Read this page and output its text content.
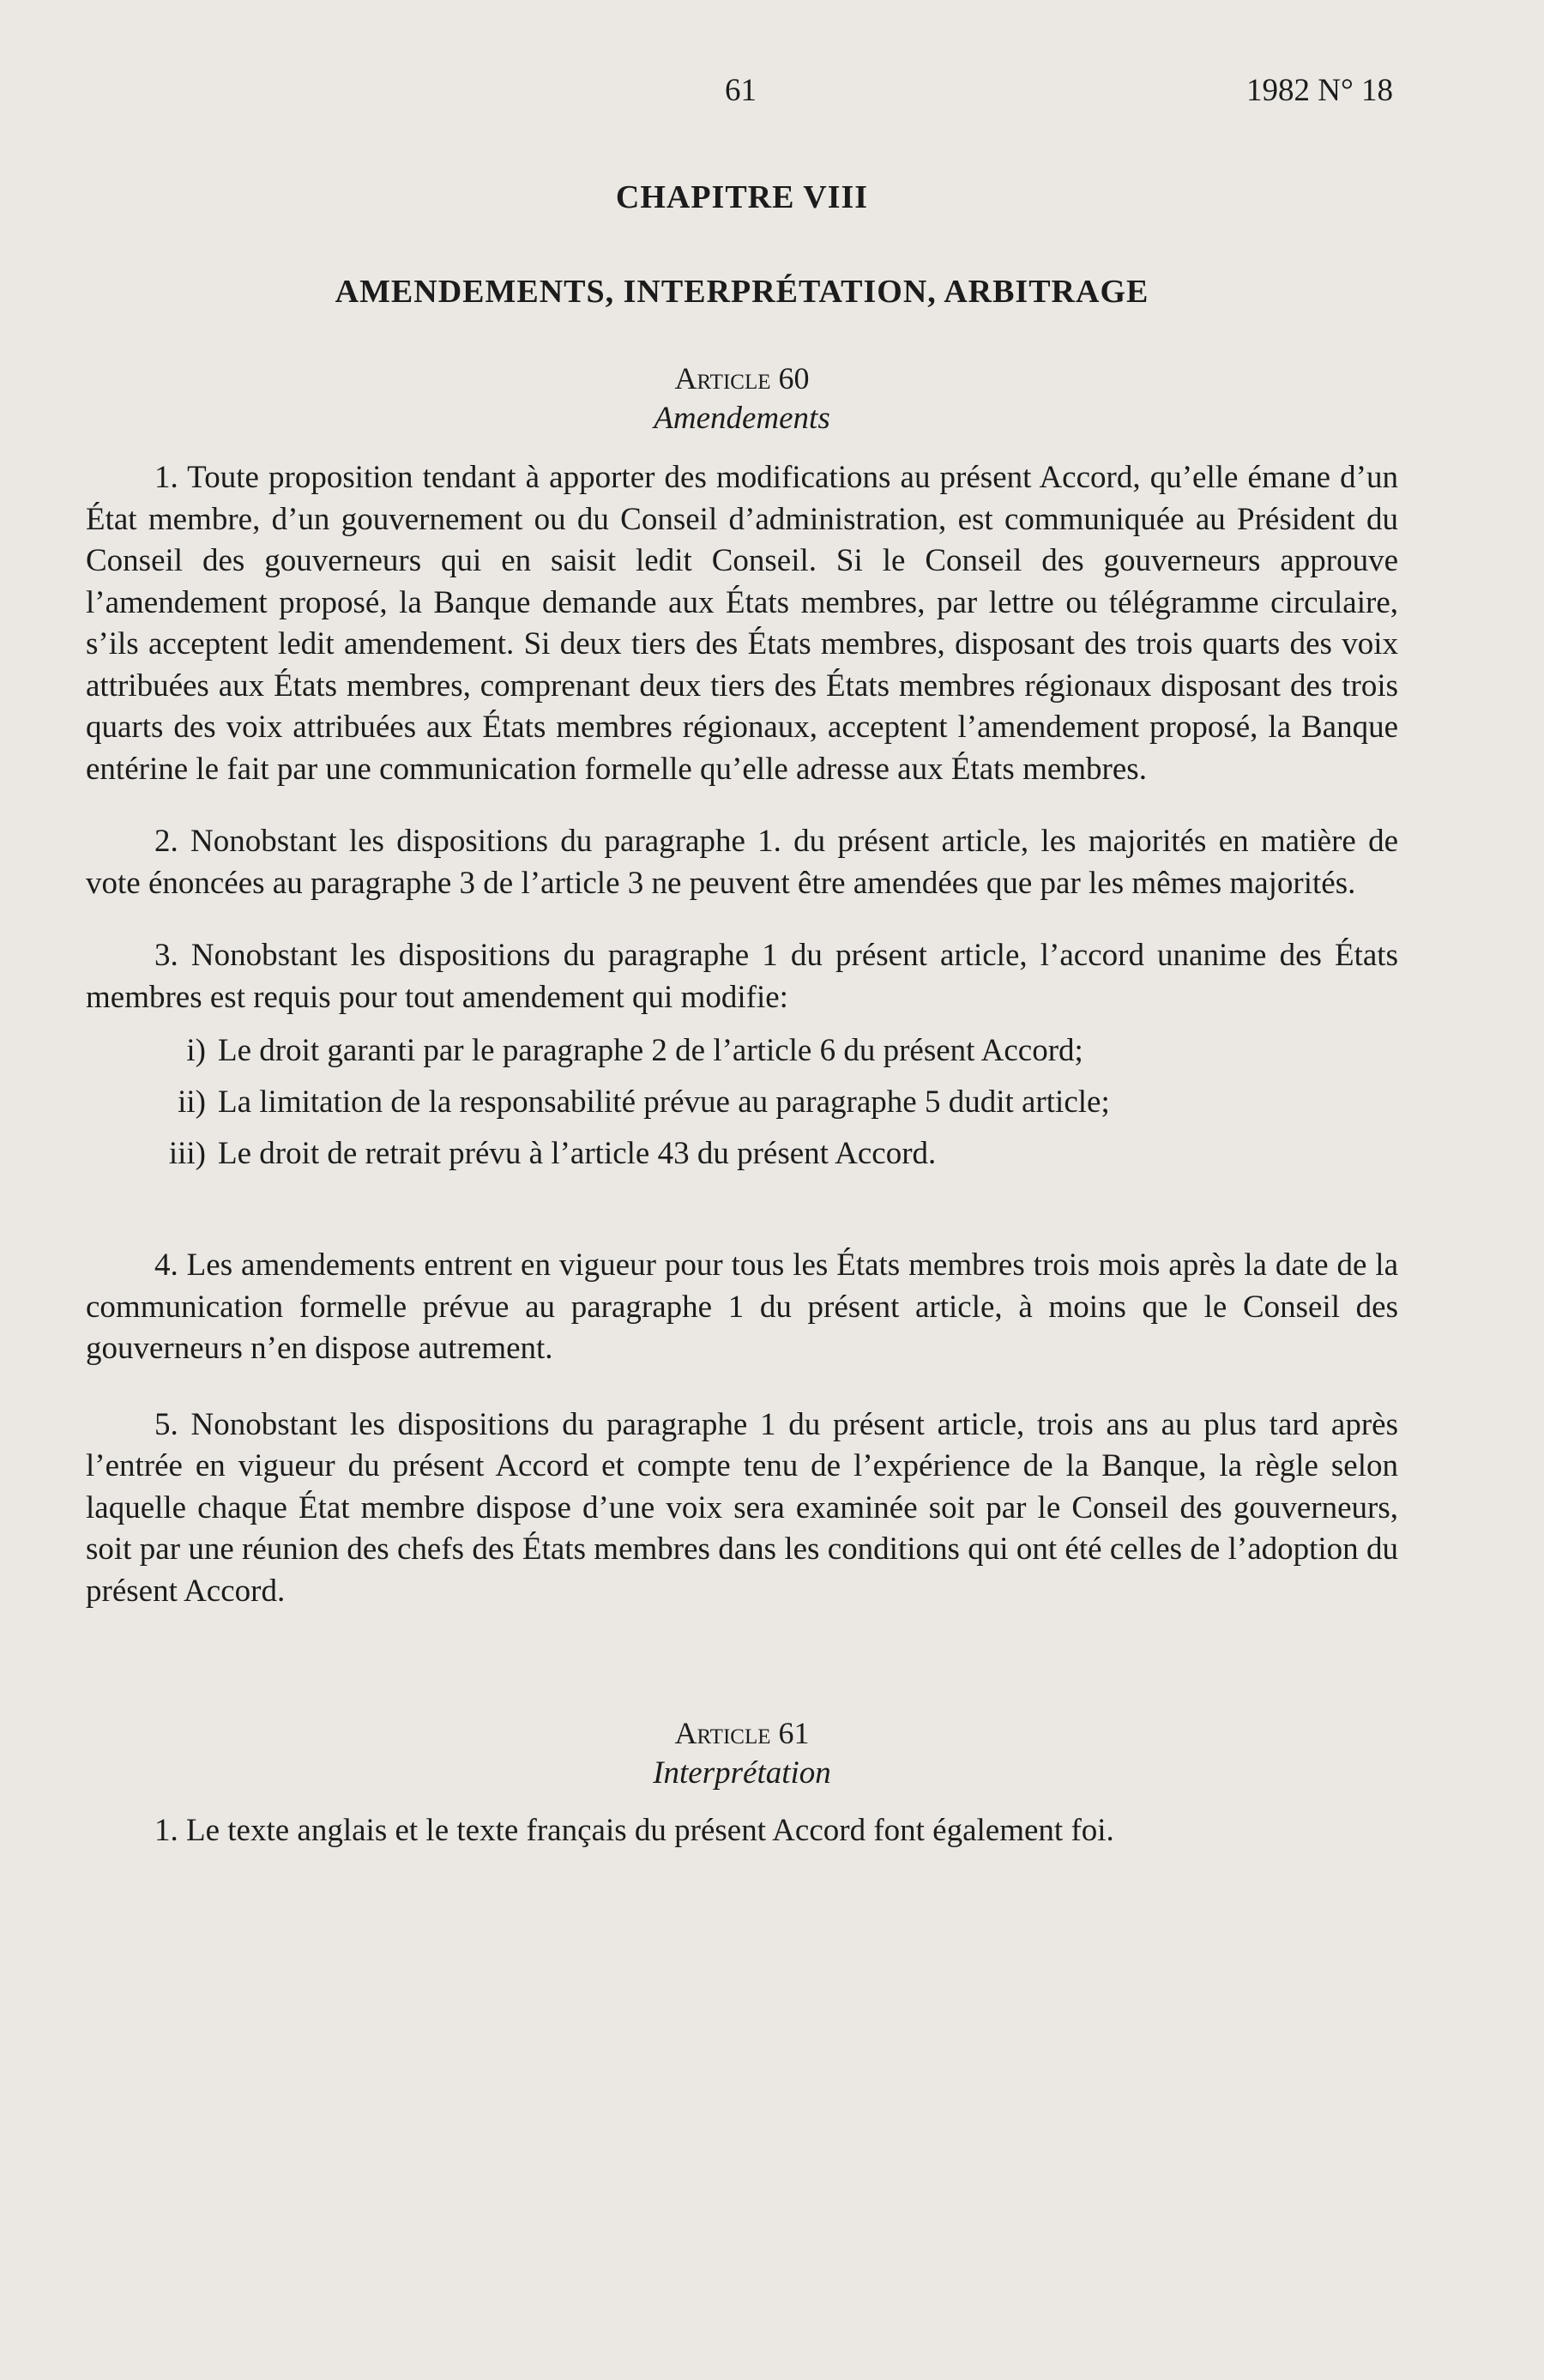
61	1982 N° 18
CHAPITRE VIII
AMENDEMENTS, INTERPRÉTATION, ARBITRAGE
Article 60
Amendements

1. Toute proposition tendant à apporter des modifications au présent Accord, qu’elle émane d’un État membre, d’un gouvernement ou du Conseil d’administration, est communiquée au Président du Conseil des gouverneurs qui en saisit ledit Conseil. Si le Conseil des gouverneurs approuve l’amendement proposé, la Banque demande aux États membres, par lettre ou télégramme circulaire, s’ils acceptent ledit amendement. Si deux tiers des États membres, disposant des trois quarts des voix attribuées aux États membres, comprenant deux tiers des États membres régionaux disposant des trois quarts des voix attribuées aux États membres régionaux, acceptent l’amendement proposé, la Banque entérine le fait par une communication formelle qu’elle adresse aux États membres.

2. Nonobstant les dispositions du paragraphe 1. du présent article, les majorités en matière de vote énoncées au paragraphe 3 de l’article 3 ne peuvent être amendées que par les mêmes majorités.

3. Nonobstant les dispositions du paragraphe 1 du présent article, l’accord unanime des États membres est requis pour tout amendement qui modifie:

i) Le droit garanti par le paragraphe 2 de l’article 6 du présent Accord;
ii) La limitation de la responsabilité prévue au paragraphe 5 dudit article;
iii) Le droit de retrait prévu à l’article 43 du présent Accord.

4. Les amendements entrent en vigueur pour tous les États membres trois mois après la date de la communication formelle prévue au paragraphe 1 du présent article, à moins que le Conseil des gouverneurs n’en dispose autrement.

5. Nonobstant les dispositions du paragraphe 1 du présent article, trois ans au plus tard après l’entrée en vigueur du présent Accord et compte tenu de l’expérience de la Banque, la règle selon laquelle chaque État membre dispose d’une voix sera examinée soit par le Conseil des gouverneurs, soit par une réunion des chefs des États membres dans les conditions qui ont été celles de l’adoption du présent Accord.

Article 61
Interprétation

1. Le texte anglais et le texte français du présent Accord font également foi.
